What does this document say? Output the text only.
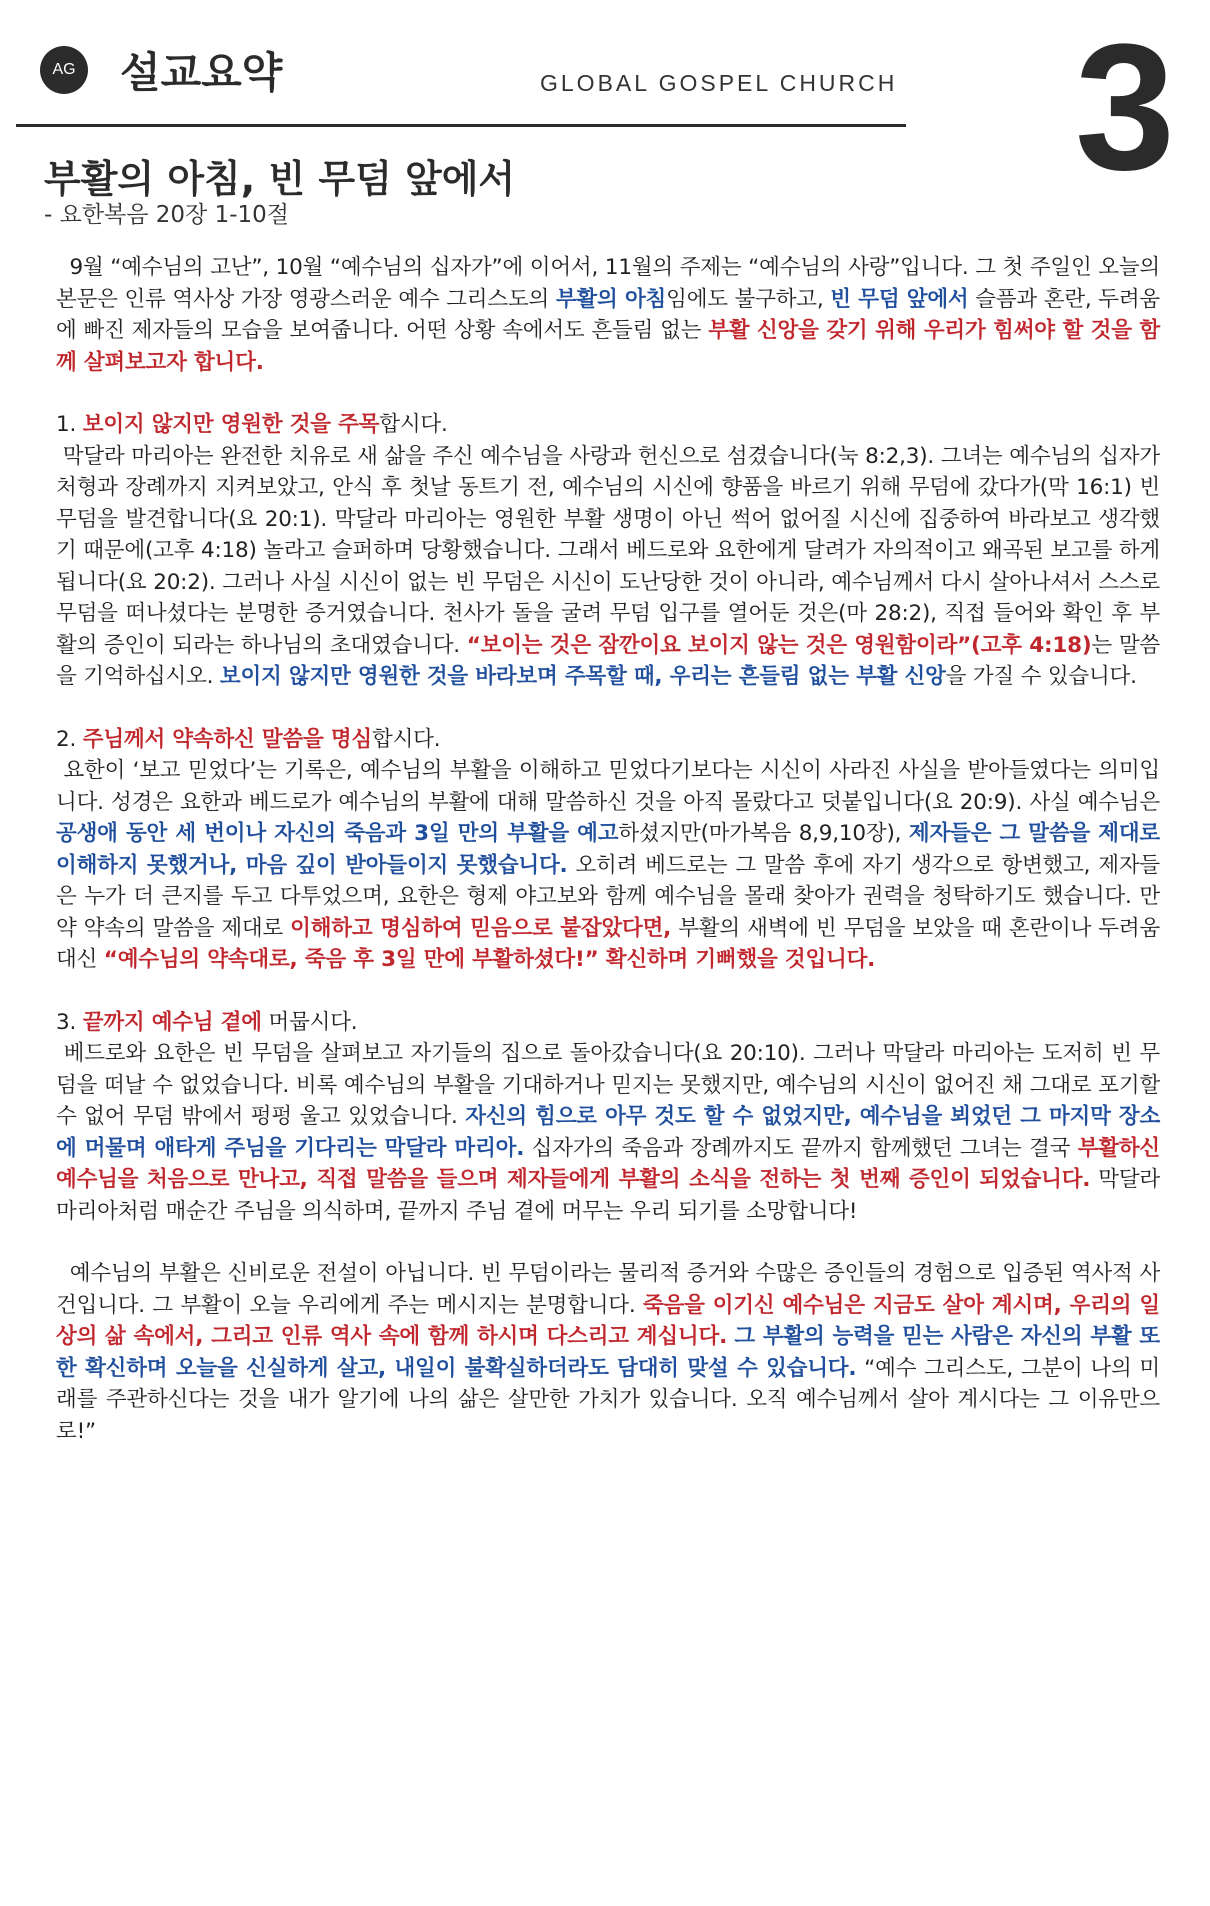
AG 설교요약	GLOBAL GOSPEL CHURCH 3
부활의 아침, 빈 무덤 앞에서
- 요한복음 20장 1-10절

9월 “예수님의 고난”, 10월 “예수님의 십자가”에 이어서, 11월의 주제는 “예수님의 사랑”입니다. 그 첫 주일인 오늘의 본문은 인류 역사상 가장 영광스러운 예수 그리스도의 부활의 아침임에도 불구하고, 빈 무덤 앞에서 슬픔과 혼란, 두려움에 빠진 제자들의 모습을 보여줍니다. 어떤 상황 속에서도 흔들림 없는 부활 신앙을 갖기 위해 우리가 힘써야 할 것을 함께 살펴보고자 합니다.

1. 보이지 않지만 영원한 것을 주목합시다.

막달라 마리아는 완전한 치유로 새 삶을 주신 예수님을 사랑과 헌신으로 섬겼습니다(눅 8:2,3). 그녀는 예수님의 십자가 처형과 장례까지 지켜보았고, 안식 후 첫날 동트기 전, 예수님의 시신에 향품을 바르기 위해 무덤에 갔다가(막 16:1) 빈 무덤을 발견합니다(요 20:1). 막달라 마리아는 영원한 부활 생명이 아닌 썩어 없어질 시신에 집중하여 바라보고 생각했기 때문에(고후 4:18) 놀라고 슬퍼하며 당황했습니다. 그래서 베드로와 요한에게 달려가 자의적이고 왜곡된 보고를 하게 됩니다(요 20:2). 그러나 사실 시신이 없는 빈 무덤은 시신이 도난당한 것이 아니라, 예수님께서 다시 살아나셔서 스스로 무덤을 떠나셨다는 분명한 증거였습니다. 천사가 돌을 굴려 무덤 입구를 열어둔 것은(마 28:2), 직접 들어와 확인 후 부활의 증인이 되라는 하나님의 초대였습니다. “보이는 것은 잠깐이요 보이지 않는 것은 영원함이라”(고후 4:18)는 말씀을 기억하십시오. 보이지 않지만 영원한 것을 바라보며 주목할 때, 우리는 흔들림 없는 부활 신앙을 가질 수 있습니다.

2. 주님께서 약속하신 말씀을 명심합시다.

요한이 ‘보고 믿었다’는 기록은, 예수님의 부활을 이해하고 믿었다기보다는 시신이 사라진 사실을 받아들였다는 의미입니다. 성경은 요한과 베드로가 예수님의 부활에 대해 말씀하신 것을 아직 몰랐다고 덧붙입니다(요 20:9). 사실 예수님은 공생애 동안 세 번이나 자신의 죽음과 3일 만의 부활을 예고하셨지만(마가복음 8,9,10장), 제자들은 그 말씀을 제대로 이해하지 못했거나, 마음 깊이 받아들이지 못했습니다. 오히려 베드로는 그 말씀 후에 자기 생각으로 항변했고, 제자들은 누가 더 큰지를 두고 다투었으며, 요한은 형제 야고보와 함께 예수님을 몰래 찾아가 권력을 청탁하기도 했습니다. 만약 약속의 말씀을 제대로 이해하고 명심하여 믿음으로 붙잡았다면, 부활의 새벽에 빈 무덤을 보았을 때 혼란이나 두려움 대신 “예수님의 약속대로, 죽음 후 3일 만에 부활하셨다!” 확신하며 기뻐했을 것입니다.

3. 끝까지 예수님 곁에 머뭅시다.

베드로와 요한은 빈 무덤을 살펴보고 자기들의 집으로 돌아갔습니다(요 20:10). 그러나 막달라 마리아는 도저히 빈 무덤을 떠날 수 없었습니다. 비록 예수님의 부활을 기대하거나 믿지는 못했지만, 예수님의 시신이 없어진 채 그대로 포기할 수 없어 무덤 밖에서 펑펑 울고 있었습니다. 자신의 힘으로 아무 것도 할 수 없었지만, 예수님을 뵈었던 그 마지막 장소에 머물며 애타게 주님을 기다리는 막달라 마리아. 십자가의 죽음과 장례까지도 끝까지 함께했던 그녀는 결국 부활하신 예수님을 처음으로 만나고, 직접 말씀을 들으며 제자들에게 부활의 소식을 전하는 첫 번째 증인이 되었습니다. 막달라 마리아처럼 매순간 주님을 의식하며, 끝까지 주님 곁에 머무는 우리 되기를 소망합니다!

예수님의 부활은 신비로운 전설이 아닙니다. 빈 무덤이라는 물리적 증거와 수많은 증인들의 경험으로 입증된 역사적 사건입니다. 그 부활이 오늘 우리에게 주는 메시지는 분명합니다. 죽음을 이기신 예수님은 지금도 살아 계시며, 우리의 일상의 삶 속에서, 그리고 인류 역사 속에 함께 하시며 다스리고 계십니다. 그 부활의 능력을 믿는 사람은 자신의 부활 또한 확신하며 오늘을 신실하게 살고, 내일이 불확실하더라도 담대히 맞설 수 있습니다. “예수 그리스도, 그분이 나의 미래를 주관하신다는 것을 내가 알기에 나의 삶은 살만한 가치가 있습니다. 오직 예수님께서 살아 계시다는 그 이유만으로!”
